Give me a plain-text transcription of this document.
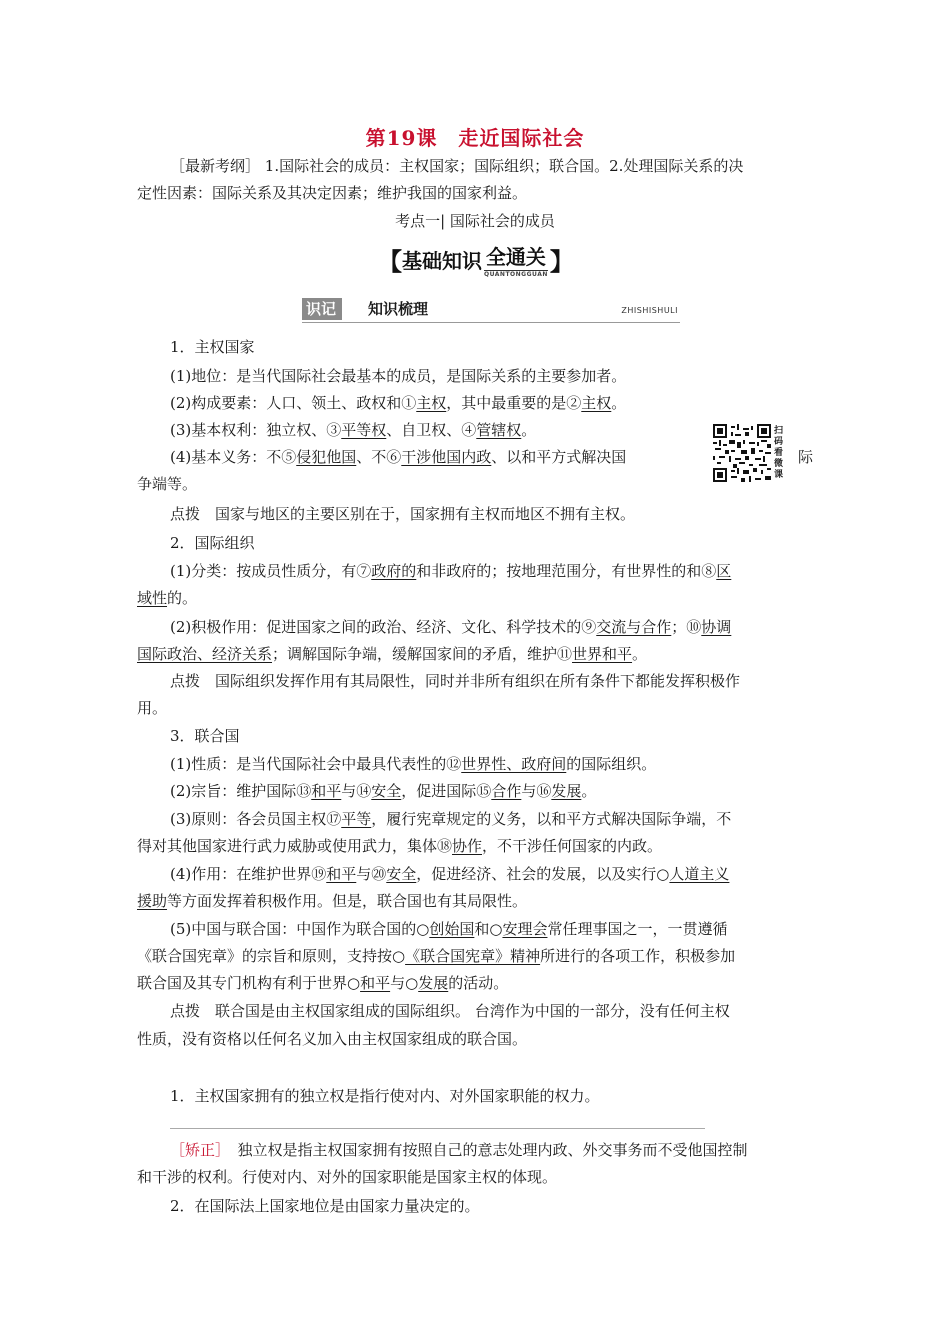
第19课　走近国际社会
［最新考纲］ 1.国际社会的成员：主权国家；国际组织；联合国。2.处理国际关系的决
定性因素：国际关系及其决定因素；维护我国的国家利益。
考点一| 国际社会的成员
【 基础知识 全通关
QUANTONGGUAN 】
识记	知识梳理	ZHISHISHULI
1．主权国家
(1)地位：是当代国际社会最基本的成员，是国际关系的主要参加者。
(2)构成要素：人口、领土、政权和①主权，其中最重要的是②主权。
(3)基本权利：独立权、③平等权、自卫权、④管辖权。
(4)基本义务：不⑤侵犯他国、不⑥干涉他国内政、以和平方式解决国	际
争端等。
点拨　国家与地区的主要区别在于，国家拥有主权而地区不拥有主权。
扫码看微课
2．国际组织
(1)分类：按成员性质分，有⑦政府的和非政府的；按地理范围分，有世界性的和⑧区
域性的。
(2)积极作用：促进国家之间的政治、经济、文化、科学技术的⑨交流与合作；⑩协调
国际政治、经济关系；调解国际争端，缓解国家间的矛盾，维护⑪世界和平。
点拨　国际组织发挥作用有其局限性，同时并非所有组织在所有条件下都能发挥积极作
用。
3．联合国
(1)性质：是当代国际社会中最具代表性的⑫世界性、政府间的国际组织。
(2)宗旨：维护国际⑬和平与⑭安全，促进国际⑮合作与⑯发展。
(3)原则：各会员国主权⑰平等，履行宪章规定的义务，以和平方式解决国际争端，不
得对其他国家进行武力威胁或使用武力，集体⑱协作，不干涉任何国家的内政。
(4)作用：在维护世界⑲和平与⑳安全，促进经济、社会的发展，以及实行○人道主义
援助等方面发挥着积极作用。但是，联合国也有其局限性。
(5)中国与联合国：中国作为联合国的○创始国和○安理会常任理事国之一，一贯遵循
《联合国宪章》的宗旨和原则，支持按○《联合国宪章》精神所进行的各项工作，积极参加
联合国及其专门机构有利于世界○和平与○发展的活动。
点拨　联合国是由主权国家组成的国际组织。 台湾作为中国的一部分，没有任何主权
性质，没有资格以任何名义加入由主权国家组成的联合国。
1．主权国家拥有的独立权是指行使对内、对外国家职能的权力。
［矫正］　独立权是指主权国家拥有按照自己的意志处理内政、外交事务而不受他国控制
和干涉的权利。行使对内、对外的国家职能是国家主权的体现。
2．在国际法上国家地位是由国家力量决定的。
